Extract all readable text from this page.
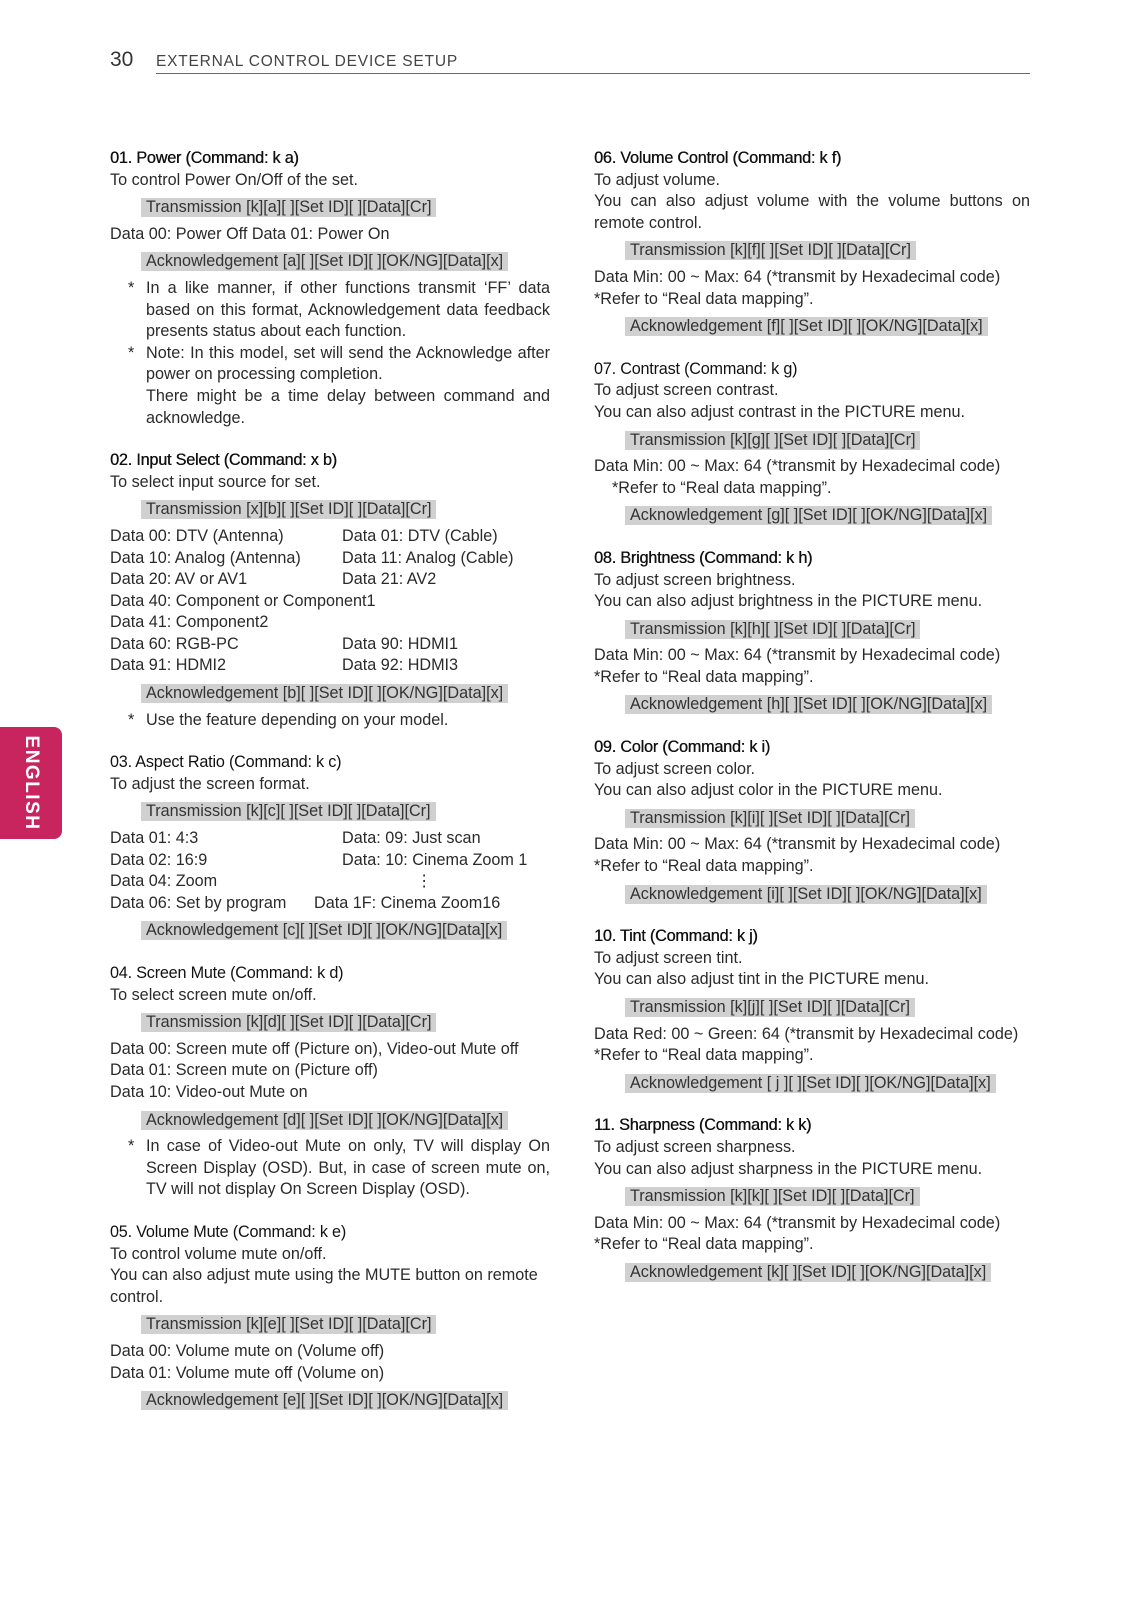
30 EXTERNAL CONTROL DEVICE SETUP
ENGLISH
01. Power (Command: k a)
To control Power On/Off of the set.
Transmission [k][a][ ][Set ID][ ][Data][Cr]
Data 00: Power Off Data 01: Power On
Acknowledgement [a][ ][Set ID][ ][OK/NG][Data][x]
* In a like manner, if other functions transmit ‘FF’ data based on this format, Acknowledgement data feedback presents status about each function.
* Note: In this model, set will send the Acknowledge after power on processing completion.
There might be a time delay between command and acknowledge.
02. Input Select (Command: x b)
To select input source for set.
Transmission [x][b][ ][Set ID][ ][Data][Cr]
Data 00: DTV (Antenna)	Data 01: DTV (Cable)
Data 10: Analog (Antenna)	Data 11: Analog (Cable)
Data 20: AV or AV1	Data 21: AV2
Data 40: Component or Component1
Data 41: Component2
Data 60: RGB-PC	Data 90: HDMI1
Data 91: HDMI2	Data 92: HDMI3
Acknowledgement [b][ ][Set ID][ ][OK/NG][Data][x]
* Use the feature depending on your model.
03. Aspect Ratio (Command: k c)
To adjust the screen format.
Transmission [k][c][ ][Set ID][ ][Data][Cr]
Data 01: 4:3	Data: 09: Just scan
Data 02: 16:9	Data: 10: Cinema Zoom 1
Data 04: Zoom	⋮
Data 06: Set by program	Data 1F: Cinema Zoom16
Acknowledgement [c][ ][Set ID][ ][OK/NG][Data][x]
04. Screen Mute (Command: k d)
To select screen mute on/off.
Transmission [k][d][ ][Set ID][ ][Data][Cr]
Data 00: Screen mute off (Picture on), Video-out Mute off
Data 01: Screen mute on (Picture off)
Data 10: Video-out Mute on
Acknowledgement [d][ ][Set ID][ ][OK/NG][Data][x]
* In case of Video-out Mute on only, TV will display On Screen Display (OSD). But, in case of screen mute on, TV will not display On Screen Display (OSD).
05. Volume Mute (Command: k e)
To control volume mute on/off.
You can also adjust mute using the MUTE button on remote control.
Transmission [k][e][ ][Set ID][ ][Data][Cr]
Data 00: Volume mute on (Volume off)
Data 01: Volume mute off (Volume on)
Acknowledgement [e][ ][Set ID][ ][OK/NG][Data][x]
06. Volume Control (Command: k f)
To adjust volume.
You can also adjust volume with the volume buttons on remote control.
Transmission [k][f][ ][Set ID][ ][Data][Cr]
Data Min: 00 ~ Max: 64 (*transmit by Hexadecimal code)
*Refer to “Real data mapping”.
Acknowledgement [f][ ][Set ID][ ][OK/NG][Data][x]
07. Contrast (Command: k g)
To adjust screen contrast.
You can also adjust contrast in the PICTURE menu.
Transmission [k][g][ ][Set ID][ ][Data][Cr]
Data Min: 00 ~ Max: 64 (*transmit by Hexadecimal code)
*Refer to “Real data mapping”.
Acknowledgement [g][ ][Set ID][ ][OK/NG][Data][x]
08. Brightness (Command: k h)
To adjust screen brightness.
You can also adjust brightness in the PICTURE menu.
Transmission [k][h][ ][Set ID][ ][Data][Cr]
Data Min: 00 ~ Max: 64 (*transmit by Hexadecimal code)
*Refer to “Real data mapping”.
Acknowledgement [h][ ][Set ID][ ][OK/NG][Data][x]
09. Color (Command: k i)
To adjust screen color.
You can also adjust color in the PICTURE menu.
Transmission [k][i][ ][Set ID][ ][Data][Cr]
Data Min: 00 ~ Max: 64 (*transmit by Hexadecimal code)
*Refer to “Real data mapping”.
Acknowledgement [i][ ][Set ID][ ][OK/NG][Data][x]
10. Tint (Command: k j)
To adjust screen tint.
You can also adjust tint in the PICTURE menu.
Transmission [k][j][ ][Set ID][ ][Data][Cr]
Data Red: 00 ~ Green: 64 (*transmit by Hexadecimal code)
*Refer to “Real data mapping”.
Acknowledgement [ j ][ ][Set ID][ ][OK/NG][Data][x]
11. Sharpness (Command: k k)
To adjust screen sharpness.
You can also adjust sharpness in the PICTURE menu.
Transmission [k][k][ ][Set ID][ ][Data][Cr]
Data Min: 00 ~ Max: 64 (*transmit by Hexadecimal code)
*Refer to “Real data mapping”.
Acknowledgement [k][ ][Set ID][ ][OK/NG][Data][x]
